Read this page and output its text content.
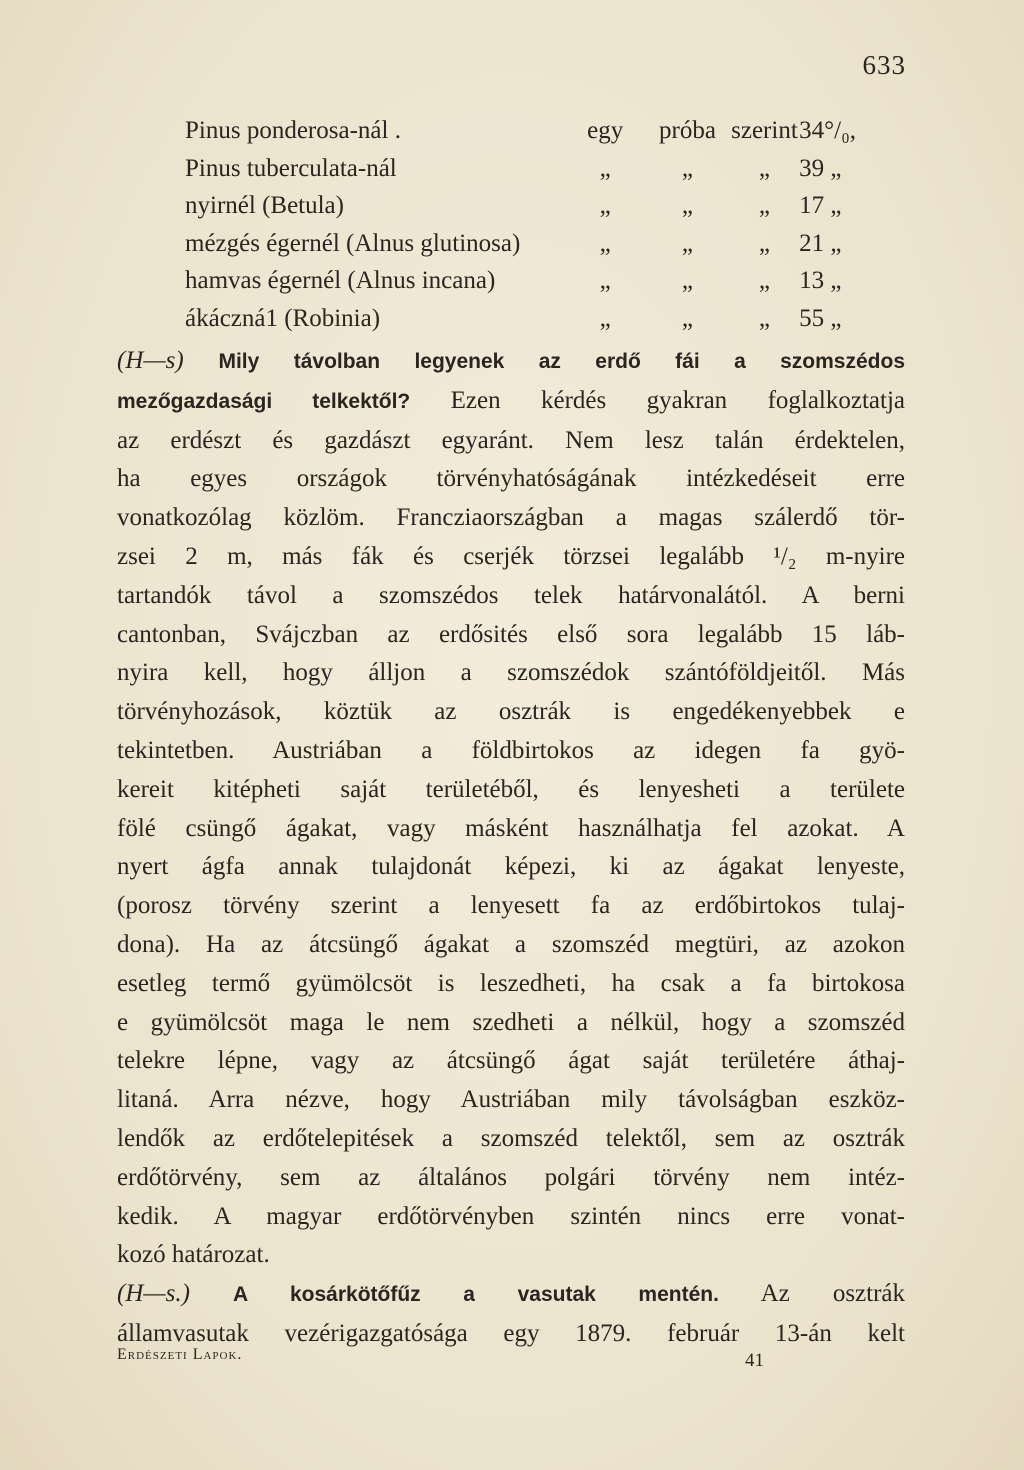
633
Pinus ponderosa-nál .	egy	próba szerint 34°/₀,
Pinus tuberculata-nál	„	„	„	39 „
nyirnél (Betula)	„	„	„	17 „
mézgés égernél (Alnus glutinosa)	„	„	„	21 „
hamvas égernél (Alnus incana)	„	„	„	13 „
ákáczná1 (Robinia)	„	„	„	55 „
(H—s) Mily távolban legyenek az erdő fái a szomszédos
mezőgazdasági telkektől? Ezen kérdés gyakran foglalkoztatja
az erdészt és gazdászt egyaránt. Nem lesz talán érdektelen,
ha egyes országok törvényhatóságának intézkedéseit erre
vonatkozólag közlöm. Francziaországban a magas szálerdő tör-
zsei 2 m, más fák és cserjék törzsei legalább ¹/₂ m-nyire
tartandók távol a szomszédos telek határvonalától. A berni
cantonban, Svájczban az erdősités első sora legalább 15 láb-
nyira kell, hogy álljon a szomszédok szántóföldjeitől. Más
törvényhozások, köztük az osztrák is engedékenyebbek e
tekintetben. Austriában a földbirtokos az idegen fa gyö-
kereit kitépheti saját területéből, és lenyesheti a területe
fölé csüngő ágakat, vagy másként használhatja fel azokat. A
nyert ágfa annak tulajdonát képezi, ki az ágakat lenyeste,
(porosz törvény szerint a lenyesett fa az erdőbirtokos tulaj-
dona). Ha az átcsüngő ágakat a szomszéd megtüri, az azokon
esetleg termő gyümölcsöt is leszedheti, ha csak a fa birtokosa
e gyümölcsöt maga le nem szedheti a nélkül, hogy a szomszéd
telekre lépne, vagy az átcsüngő ágat saját területére áthaj-
litaná. Arra nézve, hogy Austriában mily távolságban eszköz-
lendők az erdőtelepitések a szomszéd telektől, sem az osztrák
erdőtörvény, sem az általános polgári törvény nem intéz-
kedik. A magyar erdőtörvényben szintén nincs erre vonat-
kozó határozat.
(H—s.) A kosárkötőfűz a vasutak mentén. Az osztrák
államvasutak vezérigazgatósága egy 1879. február 13-án kelt
Erdészeti Lapok.	41
